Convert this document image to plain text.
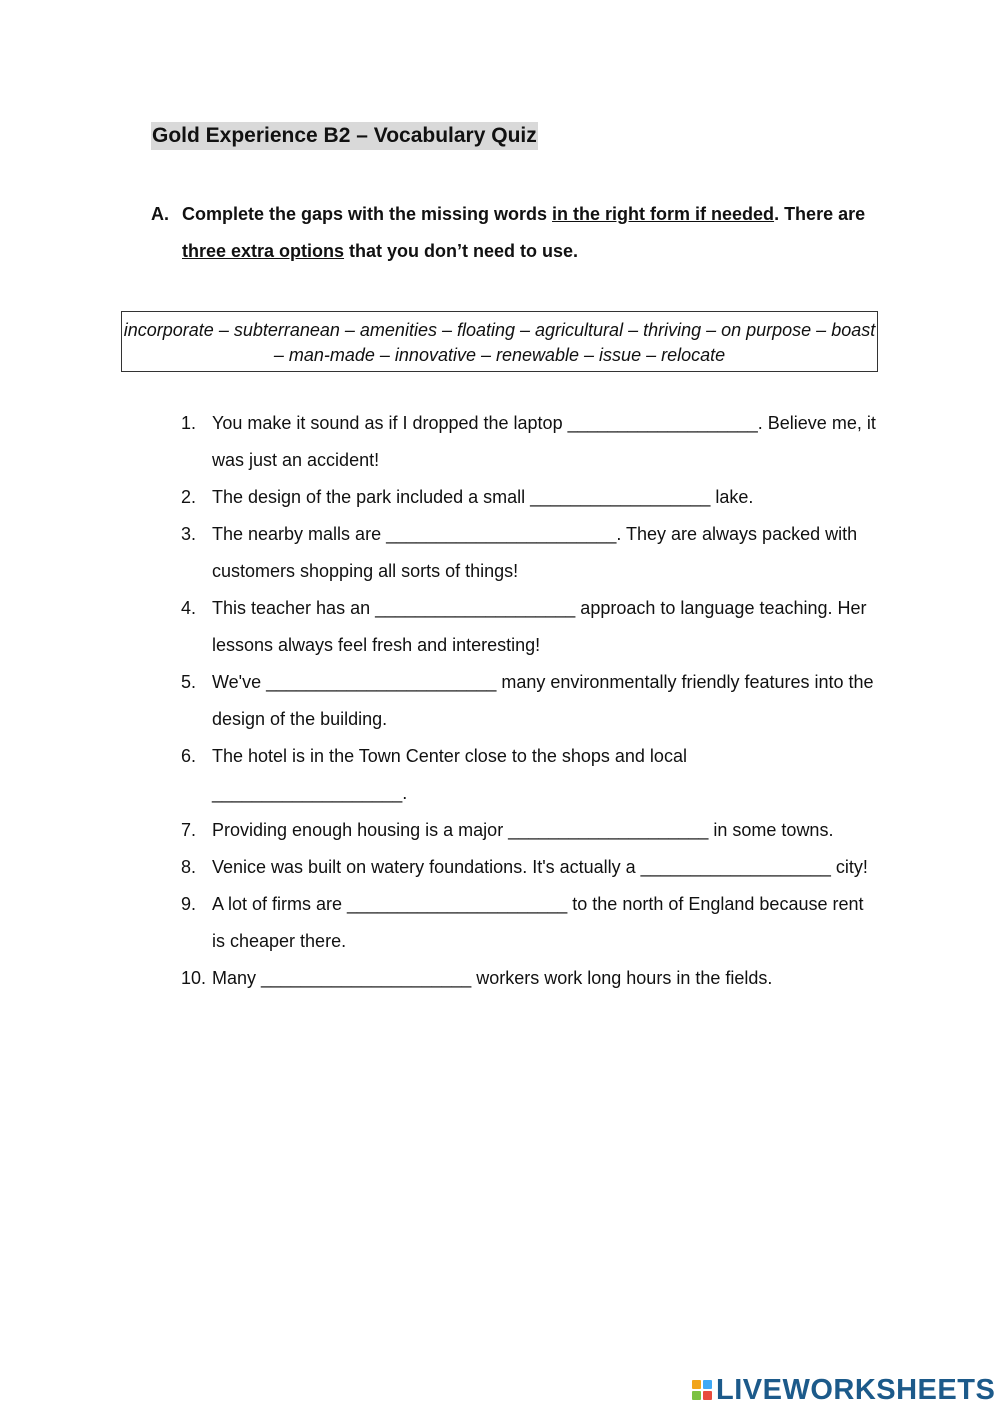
Gold Experience B2 – Vocabulary Quiz
A. Complete the gaps with the missing words in the right form if needed. There are three extra options that you don’t need to use.
incorporate – subterranean – amenities – floating – agricultural – thriving – on purpose – boast – man-made – innovative – renewable – issue – relocate
1. You make it sound as if I dropped the laptop ___________________. Believe me, it was just an accident!
2. The design of the park included a small __________________ lake.
3. The nearby malls are _______________________. They are always packed with customers shopping all sorts of things!
4. This teacher has an ____________________ approach to language teaching. Her lessons always feel fresh and interesting!
5. We've _______________________ many environmentally friendly features into the design of the building.
6. The hotel is in the Town Center close to the shops and local ___________________.
7. Providing enough housing is a major ____________________ in some towns.
8. Venice was built on watery foundations. It's actually a ___________________ city!
9. A lot of firms are ______________________ to the north of England because rent is cheaper there.
10. Many _____________________ workers work long hours in the fields.
LIVEWORKSHEETS
